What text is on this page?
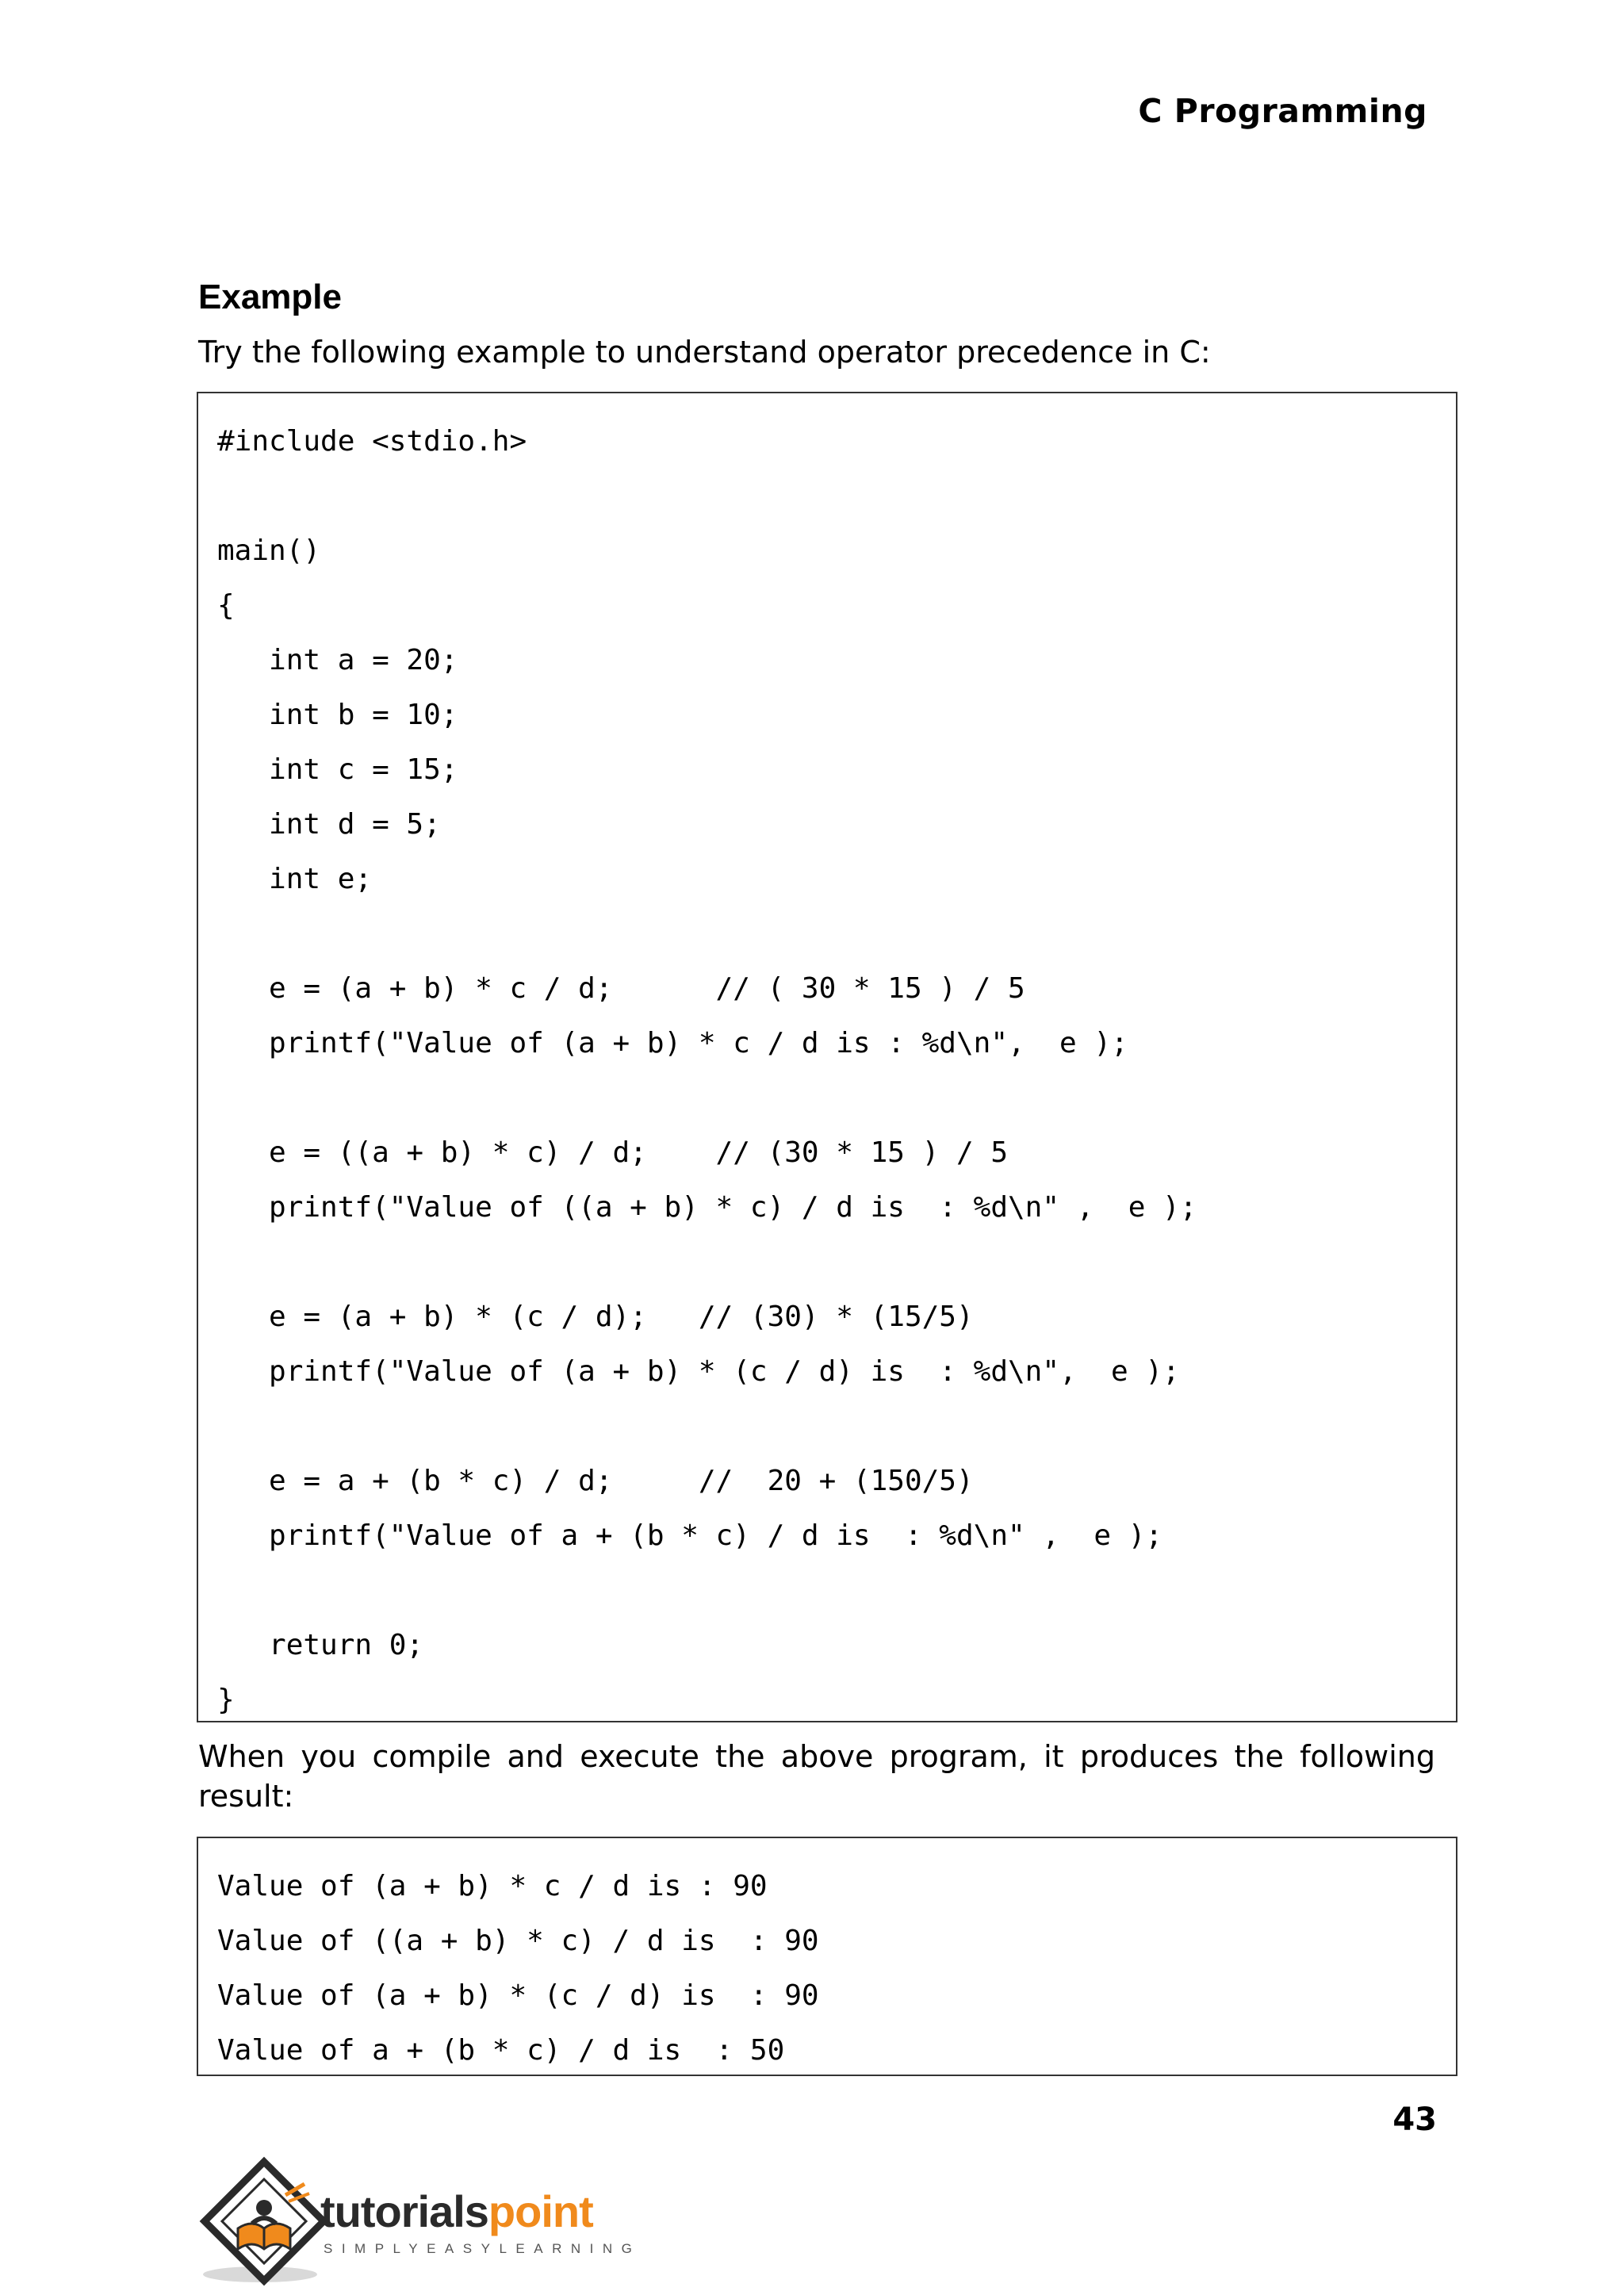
C Programming
Example
Try the following example to understand operator precedence in C:
#include <stdio.h>

main()
{
int a = 20;
int b = 10;
int c = 15;
int d = 5;
int e;

e = (a + b) * c / d;      // ( 30 * 15 ) / 5
printf("Value of (a + b) * c / d is : %d\n",  e );

e = ((a + b) * c) / d;    // (30 * 15 ) / 5
printf("Value of ((a + b) * c) / d is  : %d\n" ,  e );

e = (a + b) * (c / d);   // (30) * (15/5)
printf("Value of (a + b) * (c / d) is  : %d\n",  e );

e = a + (b * c) / d;     //  20 + (150/5)
printf("Value of a + (b * c) / d is  : %d\n" ,  e );

return 0;
}
When you compile and execute the above program, it produces the following result:
Value of (a + b) * c / d is : 90
Value of ((a + b) * c) / d is  : 90
Value of (a + b) * (c / d) is  : 90
Value of a + (b * c) / d is  : 50
43
tutorialspoint
SIMPLYEASYLEARNING
